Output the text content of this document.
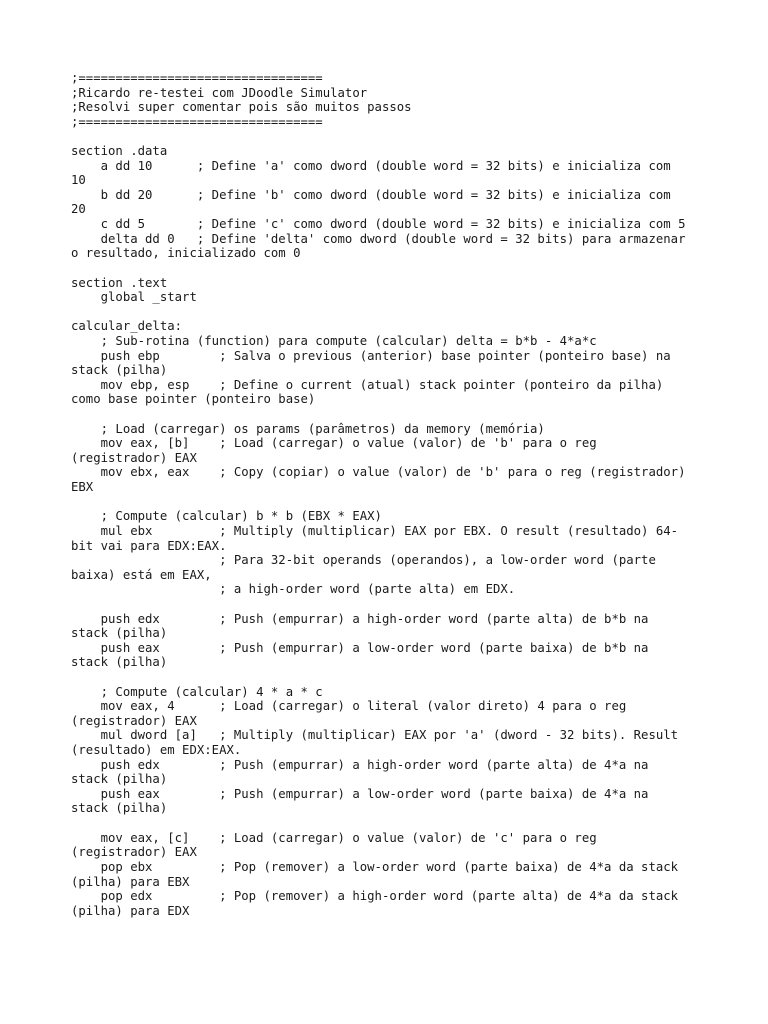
;=================================
;Ricardo re-testei com JDoodle Simulator
;Resolvi super comentar pois são muitos passos
;=================================

section .data
a dd 10      ; Define 'a' como dword (double word = 32 bits) e inicializa com
10
b dd 20      ; Define 'b' como dword (double word = 32 bits) e inicializa com
20
c dd 5       ; Define 'c' como dword (double word = 32 bits) e inicializa com 5
delta dd 0   ; Define 'delta' como dword (double word = 32 bits) para armazenar
o resultado, inicializado com 0

section .text
global _start

calcular_delta:
; Sub-rotina (function) para compute (calcular) delta = b*b - 4*a*c
push ebp        ; Salva o previous (anterior) base pointer (ponteiro base) na
stack (pilha)
mov ebp, esp    ; Define o current (atual) stack pointer (ponteiro da pilha)
como base pointer (ponteiro base)

; Load (carregar) os params (parâmetros) da memory (memória)
mov eax, [b]    ; Load (carregar) o value (valor) de 'b' para o reg
(registrador) EAX
mov ebx, eax    ; Copy (copiar) o value (valor) de 'b' para o reg (registrador)
EBX

; Compute (calcular) b * b (EBX * EAX)
mul ebx         ; Multiply (multiplicar) EAX por EBX. O result (resultado) 64-
bit vai para EDX:EAX.
; Para 32-bit operands (operandos), a low-order word (parte
baixa) está em EAX,
; a high-order word (parte alta) em EDX.

push edx        ; Push (empurrar) a high-order word (parte alta) de b*b na
stack (pilha)
push eax        ; Push (empurrar) a low-order word (parte baixa) de b*b na
stack (pilha)

; Compute (calcular) 4 * a * c
mov eax, 4      ; Load (carregar) o literal (valor direto) 4 para o reg
(registrador) EAX
mul dword [a]   ; Multiply (multiplicar) EAX por 'a' (dword - 32 bits). Result
(resultado) em EDX:EAX.
push edx        ; Push (empurrar) a high-order word (parte alta) de 4*a na
stack (pilha)
push eax        ; Push (empurrar) a low-order word (parte baixa) de 4*a na
stack (pilha)

mov eax, [c]    ; Load (carregar) o value (valor) de 'c' para o reg
(registrador) EAX
pop ebx         ; Pop (remover) a low-order word (parte baixa) de 4*a da stack
(pilha) para EBX
pop edx         ; Pop (remover) a high-order word (parte alta) de 4*a da stack
(pilha) para EDX
